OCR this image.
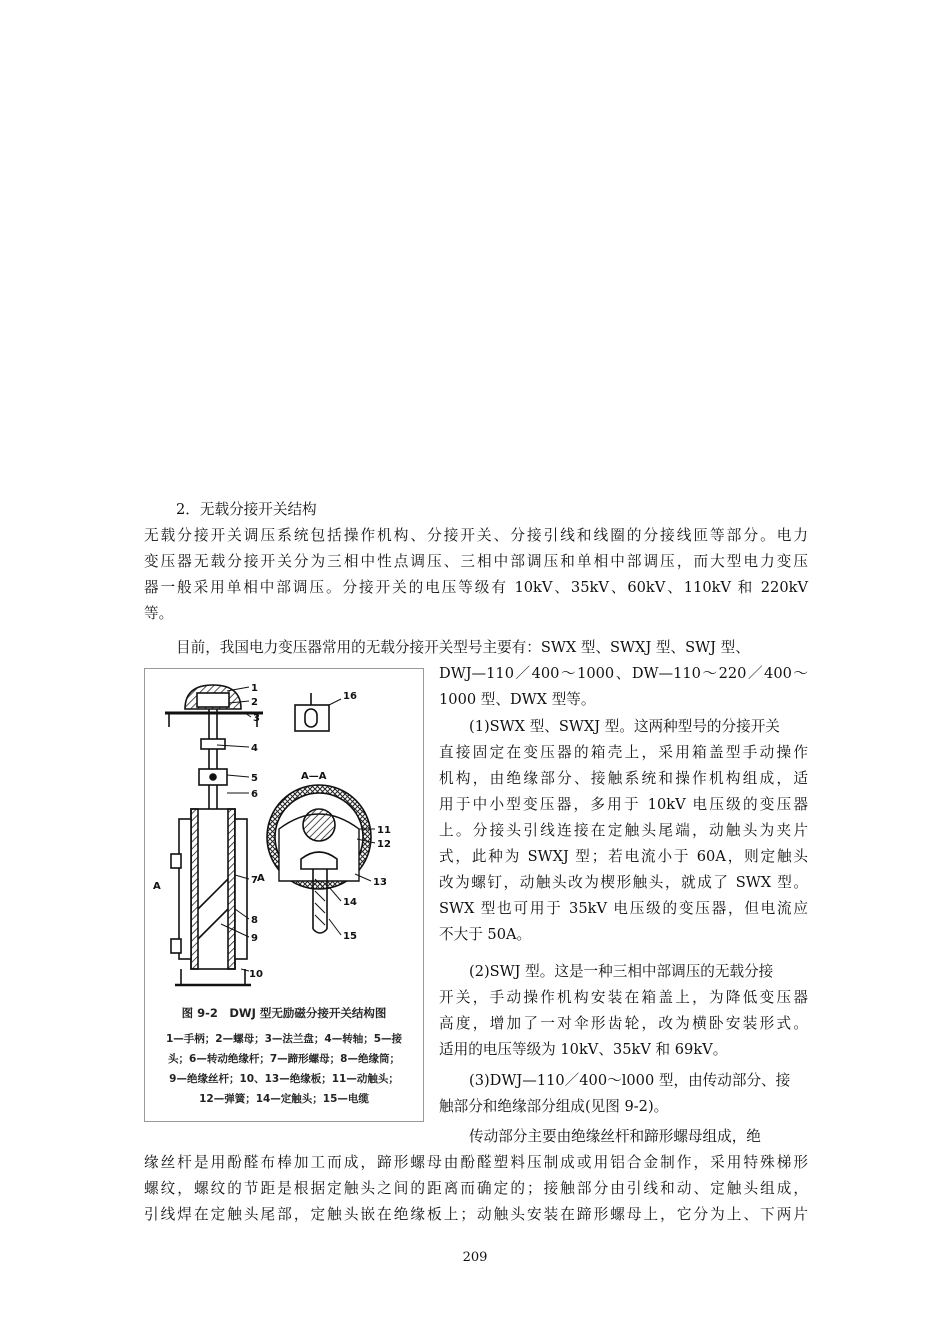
2．无载分接开关结构
无载分接开关调压系统包括操作机构、分接开关、分接引线和线圈的分接线匝等部分。电力
变压器无载分接开关分为三相中性点调压、三相中部调压和单相中部调压，而大型电力变压
器一般采用单相中部调压。分接开关的电压等级有 10kV、35kV、60kV、110kV 和 220kV
等。
目前，我国电力变压器常用的无载分接开关型号主要有：SWX 型、SWXJ 型、SWJ 型、
DWJ—110／400～1000、DW—110～220／400～
1000 型、DWX 型等。
(1)SWX 型、SWXJ 型。这两种型号的分接开关
直接固定在变压器的箱壳上，采用箱盖型手动操作
机构，由绝缘部分、接触系统和操作机构组成，适
用于中小型变压器，多用于 10kV 电压级的变压器
上。分接头引线连接在定触头尾端，动触头为夹片
式，此种为 SWXJ 型；若电流小于 60A，则定触头
改为螺钉，动触头改为楔形触头，就成了 SWX 型。
SWX 型也可用于 35kV 电压级的变压器，但电流应
不大于 50A。
(2)SWJ 型。这是一种三相中部调压的无载分接
开关，手动操作机构安装在箱盖上，为降低变压器
高度，增加了一对伞形齿轮，改为横卧安装形式。
适用的电压等级为 10kV、35kV 和 69kV。
(3)DWJ—110／400～l000 型，由传动部分、接
触部分和绝缘部分组成(见图 9-2)。
传动部分主要由绝缘丝杆和蹄形螺母组成，绝
缘丝杆是用酚醛布棒加工而成，蹄形螺母由酚醛塑料压制成或用铝合金制作，采用特殊梯形
螺纹，螺纹的节距是根据定触头之间的距离而确定的；接触部分由引线和动、定触头组成，
引线焊在定触头尾部，定触头嵌在绝缘板上；动触头安装在蹄形螺母上，它分为上、下两片
1
2
3
4
5
6
7
8
9
10
11
12
13
14
15
16
A—A
A
A
图 9-2　DWJ 型无励磁分接开关结构图
1—手柄；2—螺母；3—法兰盘；4—转轴；5—接
头；6—转动绝缘杆；7—蹄形螺母；8—绝缘筒；
9—绝缘丝杆；10、13—绝缘板；11—动触头；
12—弹簧；14—定触头；15—电缆
209
